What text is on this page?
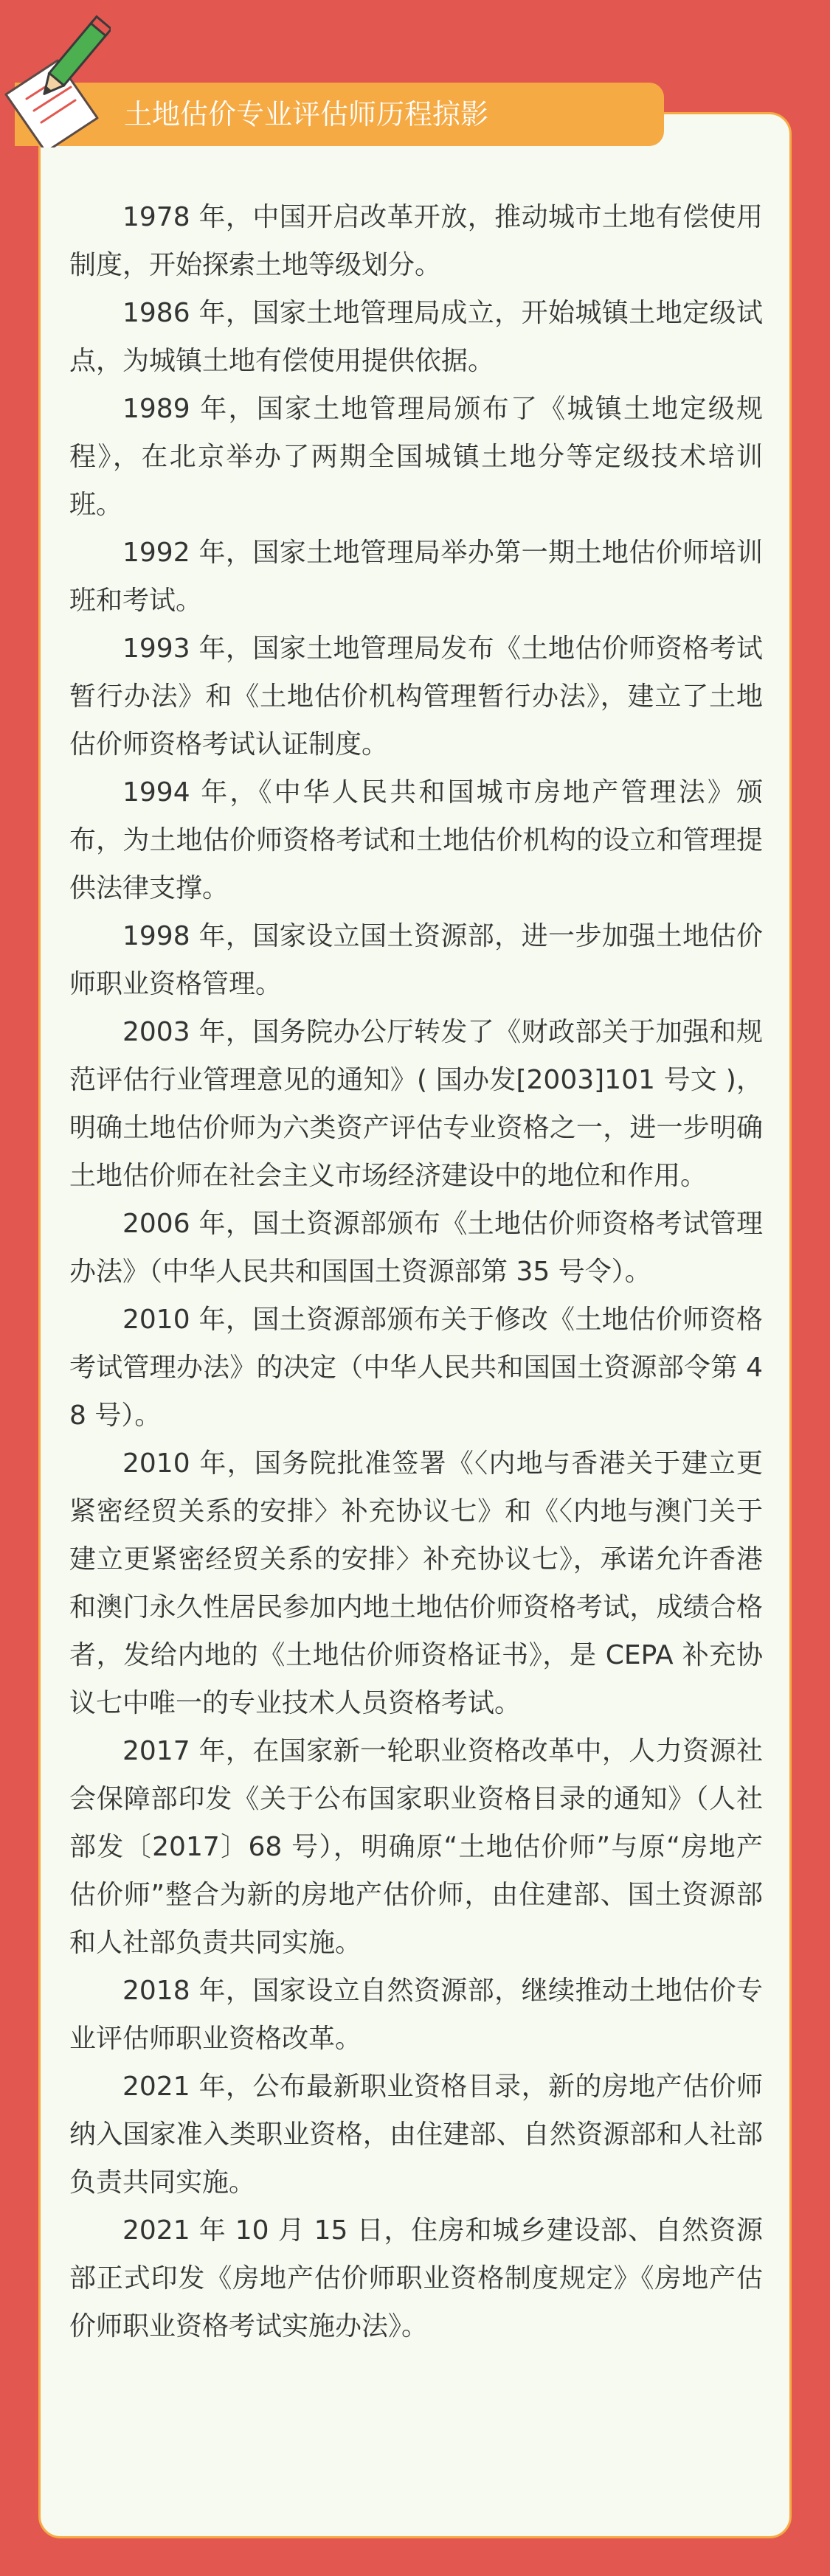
土地估价专业评估师历程掠影

1978 年，中国开启改革开放，推动城市土地有偿使用制度，开始探索土地等级划分。

1986 年，国家土地管理局成立，开始城镇土地定级试点，为城镇土地有偿使用提供依据。

1989 年，国家土地管理局颁布了《城镇土地定级规程》，在北京举办了两期全国城镇土地分等定级技术培训班。

1992 年，国家土地管理局举办第一期土地估价师培训班和考试。

1993 年，国家土地管理局发布《土地估价师资格考试暂行办法》和《土地估价机构管理暂行办法》，建立了土地估价师资格考试认证制度。

1994 年，《中华人民共和国城市房地产管理法》颁布，为土地估价师资格考试和土地估价机构的设立和管理提供法律支撑。

1998 年，国家设立国土资源部，进一步加强土地估价师职业资格管理。

2003 年，国务院办公厅转发了《财政部关于加强和规范评估行业管理意见的通知》( 国办发[2003]101 号文 )，明确土地估价师为六类资产评估专业资格之一，进一步明确土地估价师在社会主义市场经济建设中的地位和作用。

2006 年，国土资源部颁布《土地估价师资格考试管理办法》（中华人民共和国国土资源部第 35 号令）。

2010 年，国土资源部颁布关于修改《土地估价师资格考试管理办法》的决定（中华人民共和国国土资源部令第 48 号）。

2010 年，国务院批准签署《〈内地与香港关于建立更紧密经贸关系的安排〉补充协议七》和《〈内地与澳门关于建立更紧密经贸关系的安排〉补充协议七》，承诺允许香港和澳门永久性居民参加内地土地估价师资格考试，成绩合格者，发给内地的《土地估价师资格证书》，是 CEPA 补充协议七中唯一的专业技术人员资格考试。

2017 年，在国家新一轮职业资格改革中，人力资源社会保障部印发《关于公布国家职业资格目录的通知》（人社部发〔2017〕68 号），明确原“土地估价师”与原“房地产估价师”整合为新的房地产估价师，由住建部、国土资源部和人社部负责共同实施。

2018 年，国家设立自然资源部，继续推动土地估价专业评估师职业资格改革。

2021 年，公布最新职业资格目录，新的房地产估价师纳入国家准入类职业资格，由住建部、自然资源部和人社部负责共同实施。

2021 年 10 月 15 日，住房和城乡建设部、自然资源部正式印发《房地产估价师职业资格制度规定》《房地产估价师职业资格考试实施办法》。
